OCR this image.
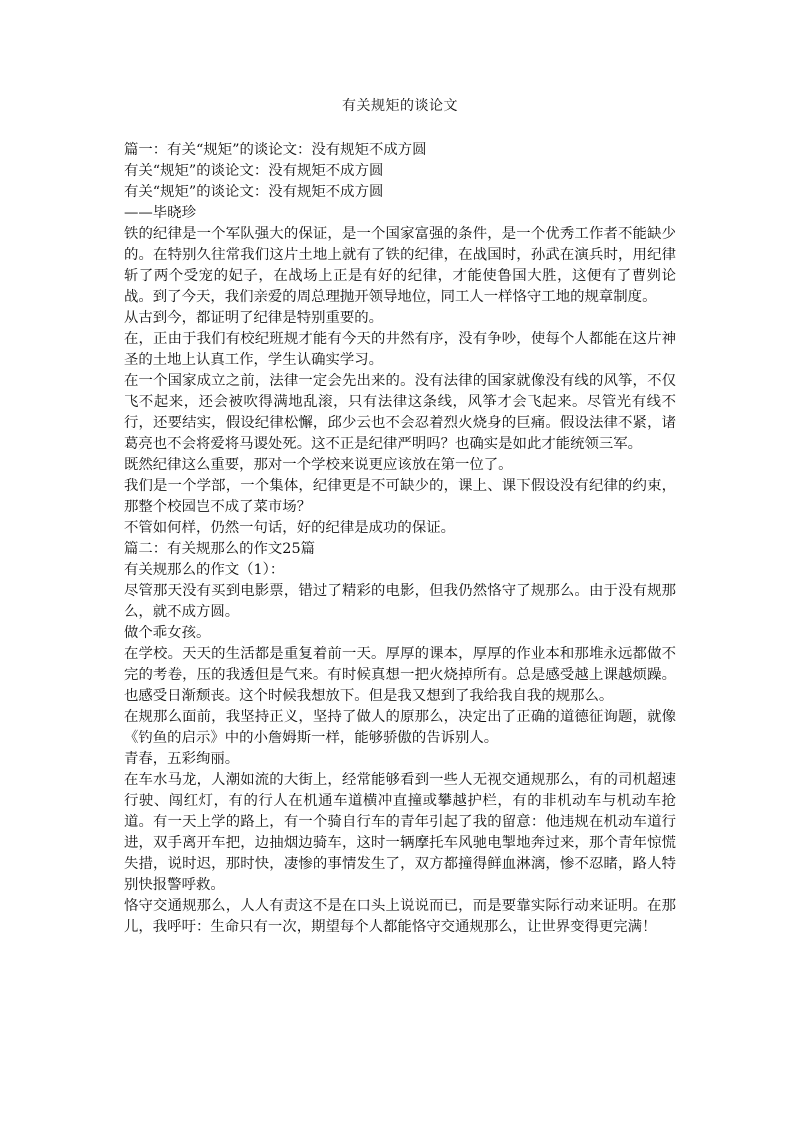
有关规矩的谈论文

篇一：有关“规矩”的谈论文：没有规矩不成方圆

有关“规矩”的谈论文：没有规矩不成方圆

有关“规矩”的谈论文：没有规矩不成方圆

——毕晓珍

铁的纪律是一个军队强大的保证，是一个国家富强的条件，是一个优秀工作者不能缺少的。在特别久往常我们这片土地上就有了铁的纪律，在战国时，孙武在演兵时，用纪律斩了两个受宠的妃子，在战场上正是有好的纪律，才能使鲁国大胜，这便有了曹刿论战。到了今天，我们亲爱的周总理抛开领导地位，同工人一样恪守工地的规章制度。

从古到今，都证明了纪律是特别重要的。

在，正由于我们有校纪班规才能有今天的井然有序，没有争吵，使每个人都能在这片神圣的土地上认真工作，学生认确实学习。

在一个国家成立之前，法律一定会先出来的。没有法律的国家就像没有线的风筝，不仅飞不起来，还会被吹得满地乱滚，只有法律这条线，风筝才会飞起来。尽管光有线不行，还要结实，假设纪律松懈，邱少云也不会忍着烈火烧身的巨痛。假设法律不紧，诸葛亮也不会将爱将马谡处死。这不正是纪律严明吗？也确实是如此才能统领三军。

既然纪律这么重要，那对一个学校来说更应该放在第一位了。

我们是一个学部，一个集体，纪律更是不可缺少的，课上、课下假设没有纪律的约束， 那整个校园岂不成了菜市场？

不管如何样，仍然一句话，好的纪律是成功的保证。

篇二：有关规那么的作文25篇

有关规那么的作文（1）：

尽管那天没有买到电影票，错过了精彩的电影，但我仍然恪守了规那么。由于没有规那么，就不成方圆。

做个乖女孩。

在学校。天天的生活都是重复着前一天。厚厚的课本，厚厚的作业本和那堆永远都做不完的考卷，压的我透但是气来。有时候真想一把火烧掉所有。总是感受越上课越烦躁。也感受日渐颓丧。这个时候我想放下。但是我又想到了我给我自我的规那么。

在规那么面前，我坚持正义，坚持了做人的原那么，决定出了正确的道德征询题，就像《钓鱼的启示》中的小詹姆斯一样，能够骄傲的告诉别人。

青春，五彩绚丽。

在车水马龙，人潮如流的大街上，经常能够看到一些人无视交通规那么，有的司机超速行驶、闯红灯，有的行人在机通车道横冲直撞或攀越护栏，有的非机动车与机动车抢道。有一天上学的路上，有一个骑自行车的青年引起了我的留意：他违规在机动车道行进，双手离开车把，边抽烟边骑车，这时一辆摩托车风驰电掣地奔过来，那个青年惊慌失措，说时迟，那时快，凄惨的事情发生了，双方都撞得鲜血淋漓，惨不忍睹，路人特别快报警呼救。

恪守交通规那么，人人有责这不是在口头上说说而已，而是要靠实际行动来证明。在那儿，我呼吁：生命只有一次，期望每个人都能恪守交通规那么，让世界变得更完满！
